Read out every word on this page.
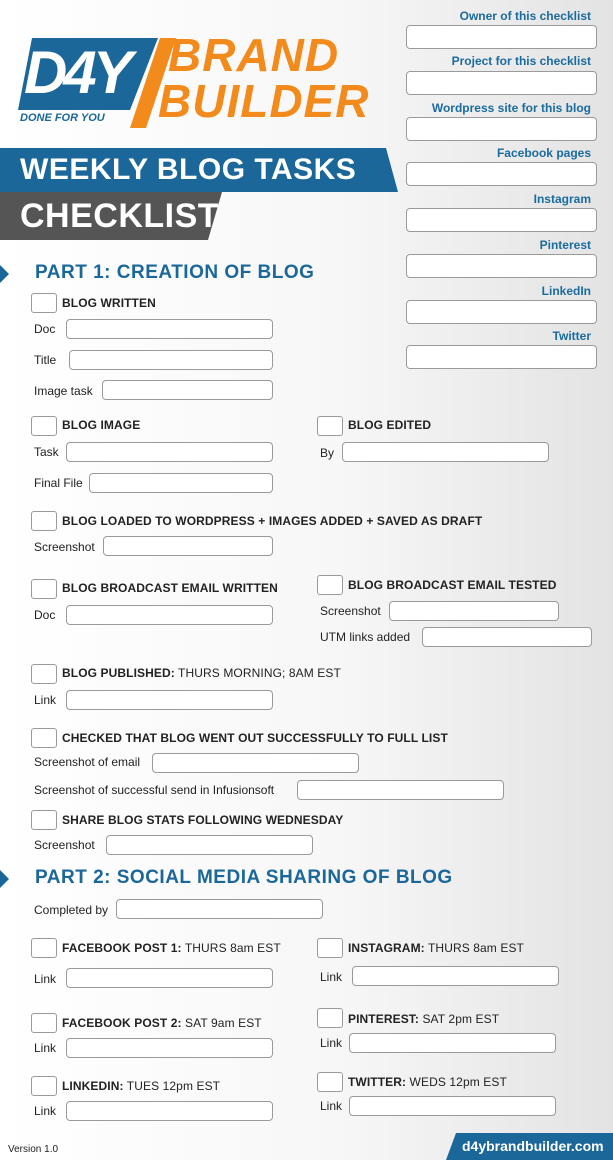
D4Y
DONE FOR YOU
BRAND
BUILDER
WEEKLY BLOG TASKS
CHECKLIST
Owner of this checklist
Project for this checklist
Wordpress site for this blog
Facebook pages
Instagram
Pinterest
LinkedIn
Twitter
PART 1: CREATION OF BLOG
BLOG WRITTEN
Doc
Title
Image task
BLOG IMAGE
Task
Final File
BLOG EDITED
By
BLOG LOADED TO WORDPRESS + IMAGES ADDED + SAVED AS DRAFT
Screenshot
BLOG BROADCAST EMAIL WRITTEN
Doc
BLOG BROADCAST EMAIL TESTED
Screenshot
UTM links added
BLOG PUBLISHED: THURS MORNING; 8AM EST
Link
CHECKED THAT BLOG WENT OUT SUCCESSFULLY TO FULL LIST
Screenshot of email
Screenshot of successful send in Infusionsoft
SHARE BLOG STATS FOLLOWING WEDNESDAY
Screenshot
PART 2: SOCIAL MEDIA SHARING OF BLOG
Completed by
FACEBOOK POST 1: THURS 8am EST
Link
INSTAGRAM: THURS 8am EST
Link
FACEBOOK POST 2: SAT 9am EST
Link
PINTEREST: SAT 2pm EST
Link
LINKEDIN: TUES 12pm EST
Link
TWITTER: WEDS 12pm EST
Link
Version 1.0	d4ybrandbuilder.com
